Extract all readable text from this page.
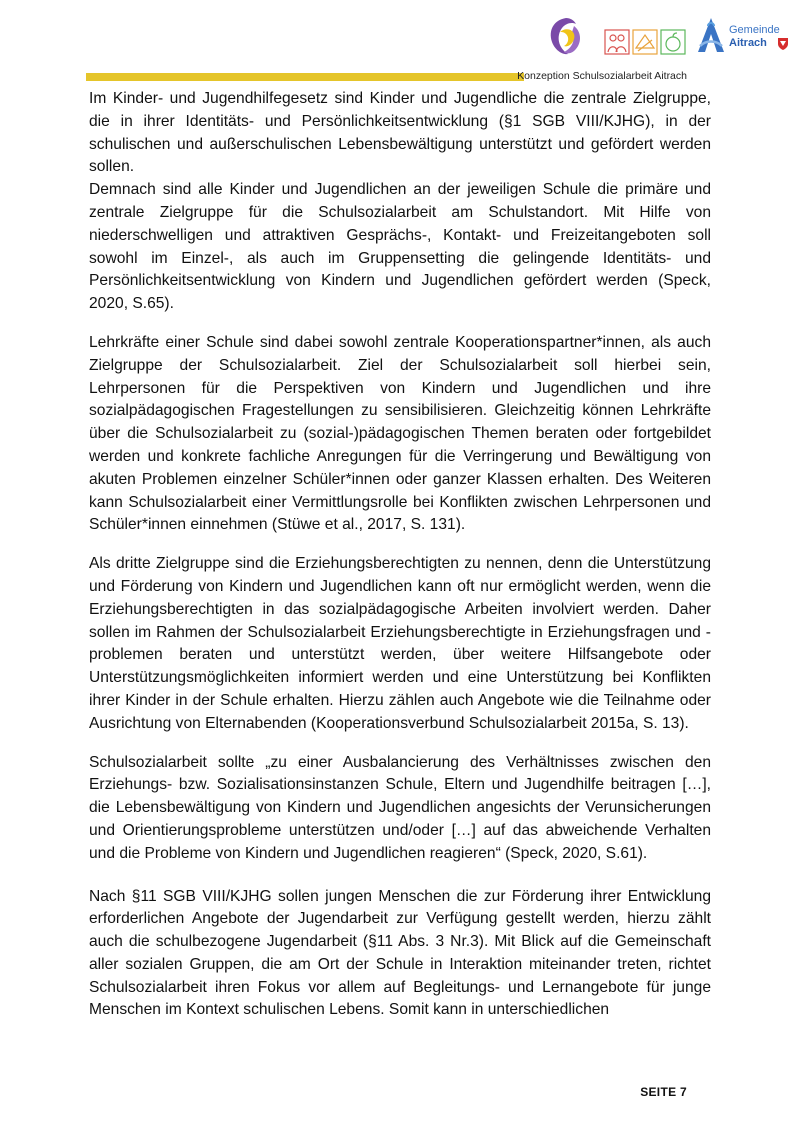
Gemeinde
Aitrach
Konzeption Schulsozialarbeit Aitrach

Im Kinder- und Jugendhilfegesetz sind Kinder und Jugendliche die zentrale Zielgruppe, die in ihrer Identitäts- und Persönlichkeitsentwicklung (§1 SGB VIII/KJHG), in der schulischen und außerschulischen Lebensbewältigung unterstützt und gefördert werden sollen.

Demnach sind alle Kinder und Jugendlichen an der jeweiligen Schule die primäre und zentrale Zielgruppe für die Schulsozialarbeit am Schulstandort. Mit Hilfe von niederschwelligen und attraktiven Gesprächs-, Kontakt- und Freizeitangeboten soll sowohl im Einzel-, als auch im Gruppensetting die gelingende Identitäts- und Persönlichkeitsentwicklung von Kindern und Jugendlichen gefördert werden (Speck, 2020, S.65).

Lehrkräfte einer Schule sind dabei sowohl zentrale Kooperationspartner*innen, als auch Zielgruppe der Schulsozialarbeit. Ziel der Schulsozialarbeit soll hierbei sein, Lehrpersonen für die Perspektiven von Kindern und Jugendlichen und ihre sozialpädagogischen Fragestellungen zu sensibilisieren. Gleichzeitig können Lehrkräfte über die Schulsozialarbeit zu (sozial-)pädagogischen Themen beraten oder fortgebildet werden und konkrete fachliche Anregungen für die Verringerung und Bewältigung von akuten Problemen einzelner Schüler*innen oder ganzer Klassen erhalten. Des Weiteren kann Schulsozialarbeit einer Vermittlungsrolle bei Konflikten zwischen Lehrpersonen und Schüler*innen einnehmen (Stüwe et al., 2017, S. 131).

Als dritte Zielgruppe sind die Erziehungsberechtigten zu nennen, denn die Unterstützung und Förderung von Kindern und Jugendlichen kann oft nur ermöglicht werden, wenn die Erziehungsberechtigten in das sozialpädagogische Arbeiten involviert werden. Daher sollen im Rahmen der Schulsozialarbeit Erziehungsberechtigte in Erziehungsfragen und -problemen beraten und unterstützt werden, über weitere Hilfsangebote oder Unterstützungsmöglichkeiten informiert werden und eine Unterstützung bei Konflikten ihrer Kinder in der Schule erhalten. Hierzu zählen auch Angebote wie die Teilnahme oder Ausrichtung von Elternabenden (Kooperationsverbund Schulsozialarbeit 2015a, S. 13).

Schulsozialarbeit sollte „zu einer Ausbalancierung des Verhältnisses zwischen den Erziehungs- bzw. Sozialisationsinstanzen Schule, Eltern und Jugendhilfe beitragen […], die Lebensbewältigung von Kindern und Jugendlichen angesichts der Verunsicherungen und Orientierungsprobleme unterstützen und/oder […] auf das abweichende Verhalten und die Probleme von Kindern und Jugendlichen reagieren“ (Speck, 2020, S.61).

Nach §11 SGB VIII/KJHG sollen jungen Menschen die zur Förderung ihrer Entwicklung erforderlichen Angebote der Jugendarbeit zur Verfügung gestellt werden, hierzu zählt auch die schulbezogene Jugendarbeit (§11 Abs. 3 Nr.3). Mit Blick auf die Gemeinschaft aller sozialen Gruppen, die am Ort der Schule in Interaktion miteinander treten, richtet Schulsozialarbeit ihren Fokus vor allem auf Begleitungs- und Lernangebote für junge Menschen im Kontext schulischen Lebens. Somit kann in unterschiedlichen

SEITE 7
